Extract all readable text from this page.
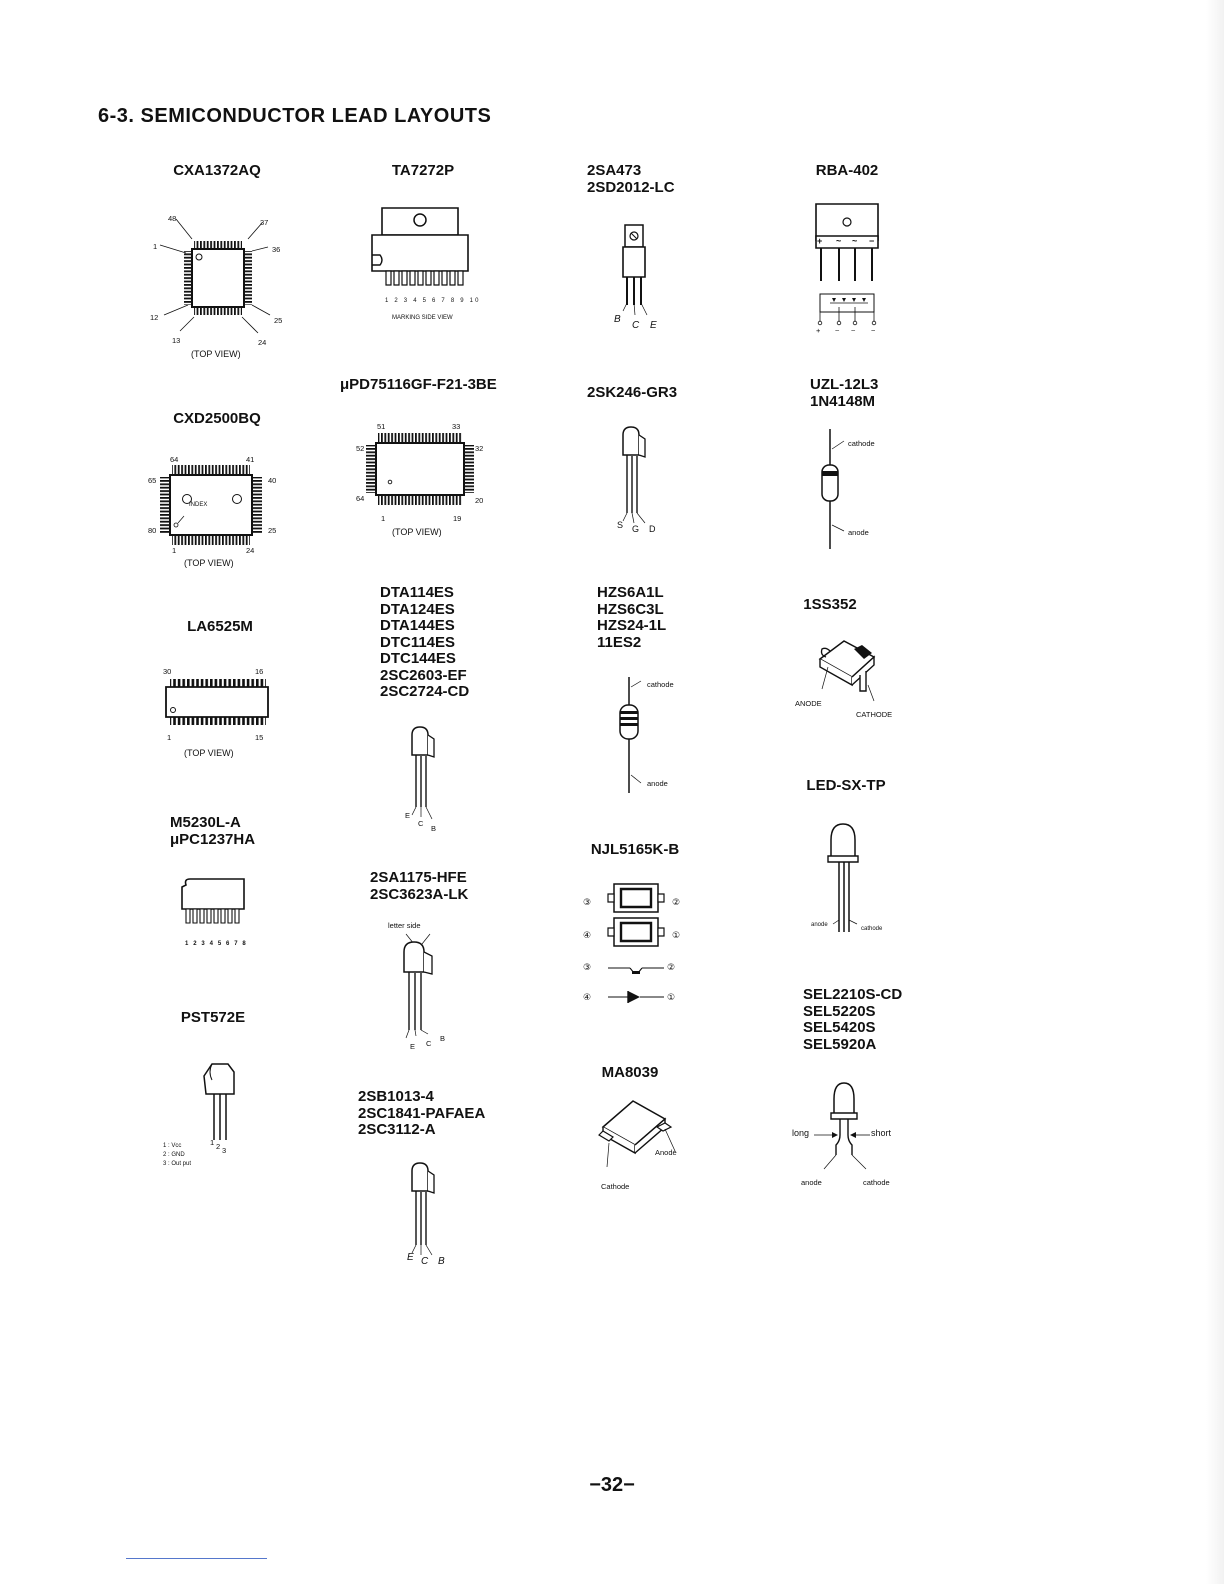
6-3. SEMICONDUCTOR LEAD LAYOUTS
CXA1372AQ
48	37
1	36
12	25
13	24
(TOP VIEW)
TA7272P
1 2 3 4 5 6 7 8 9 10
MARKING SIDE VIEW
2SA473
2SD2012-LC
B
C E
RBA-402
+ ~ ~ −
+ ~ ~ −
CXD2500BQ
64	41
65	40
80	25
INDEX
1	24
(TOP VIEW)
μPD75116GF-F21-3BE
51	33
52	32
64	20
1	19
(TOP VIEW)
2SK246-GR3
S G D
UZL-12L3
1N4148M
cathode
anode
LA6525M
30	16
1	15
(TOP VIEW)
DTA114ES
DTA124ES
DTA144ES
DTC114ES
DTC144ES
2SC2603-EF
2SC2724-CD
E
C
B
HZS6A1L
HZS6C3L
HZS24-1L
11ES2
cathode
anode
1SS352
ANODE
CATHODE
LED-SX-TP
anode
cathode
M5230L-A
μPC1237HA
1 2 3 4 5 6 7 8
NJL5165K-B
③	②
④	①
③	②
④	①
2SA1175-HFE
2SC3623A-LK
letter side
E C
B
PST572E
1 2 3
1 : Vcc
2 : GND
3 : Out put
SEL2210S-CD
SEL5220S
SEL5420S
SEL5920A
long	short
anode	cathode
MA8039
Anode
Cathode
2SB1013-4
2SC1841-PAFAEA
2SC3112-A
E C B
−32−
